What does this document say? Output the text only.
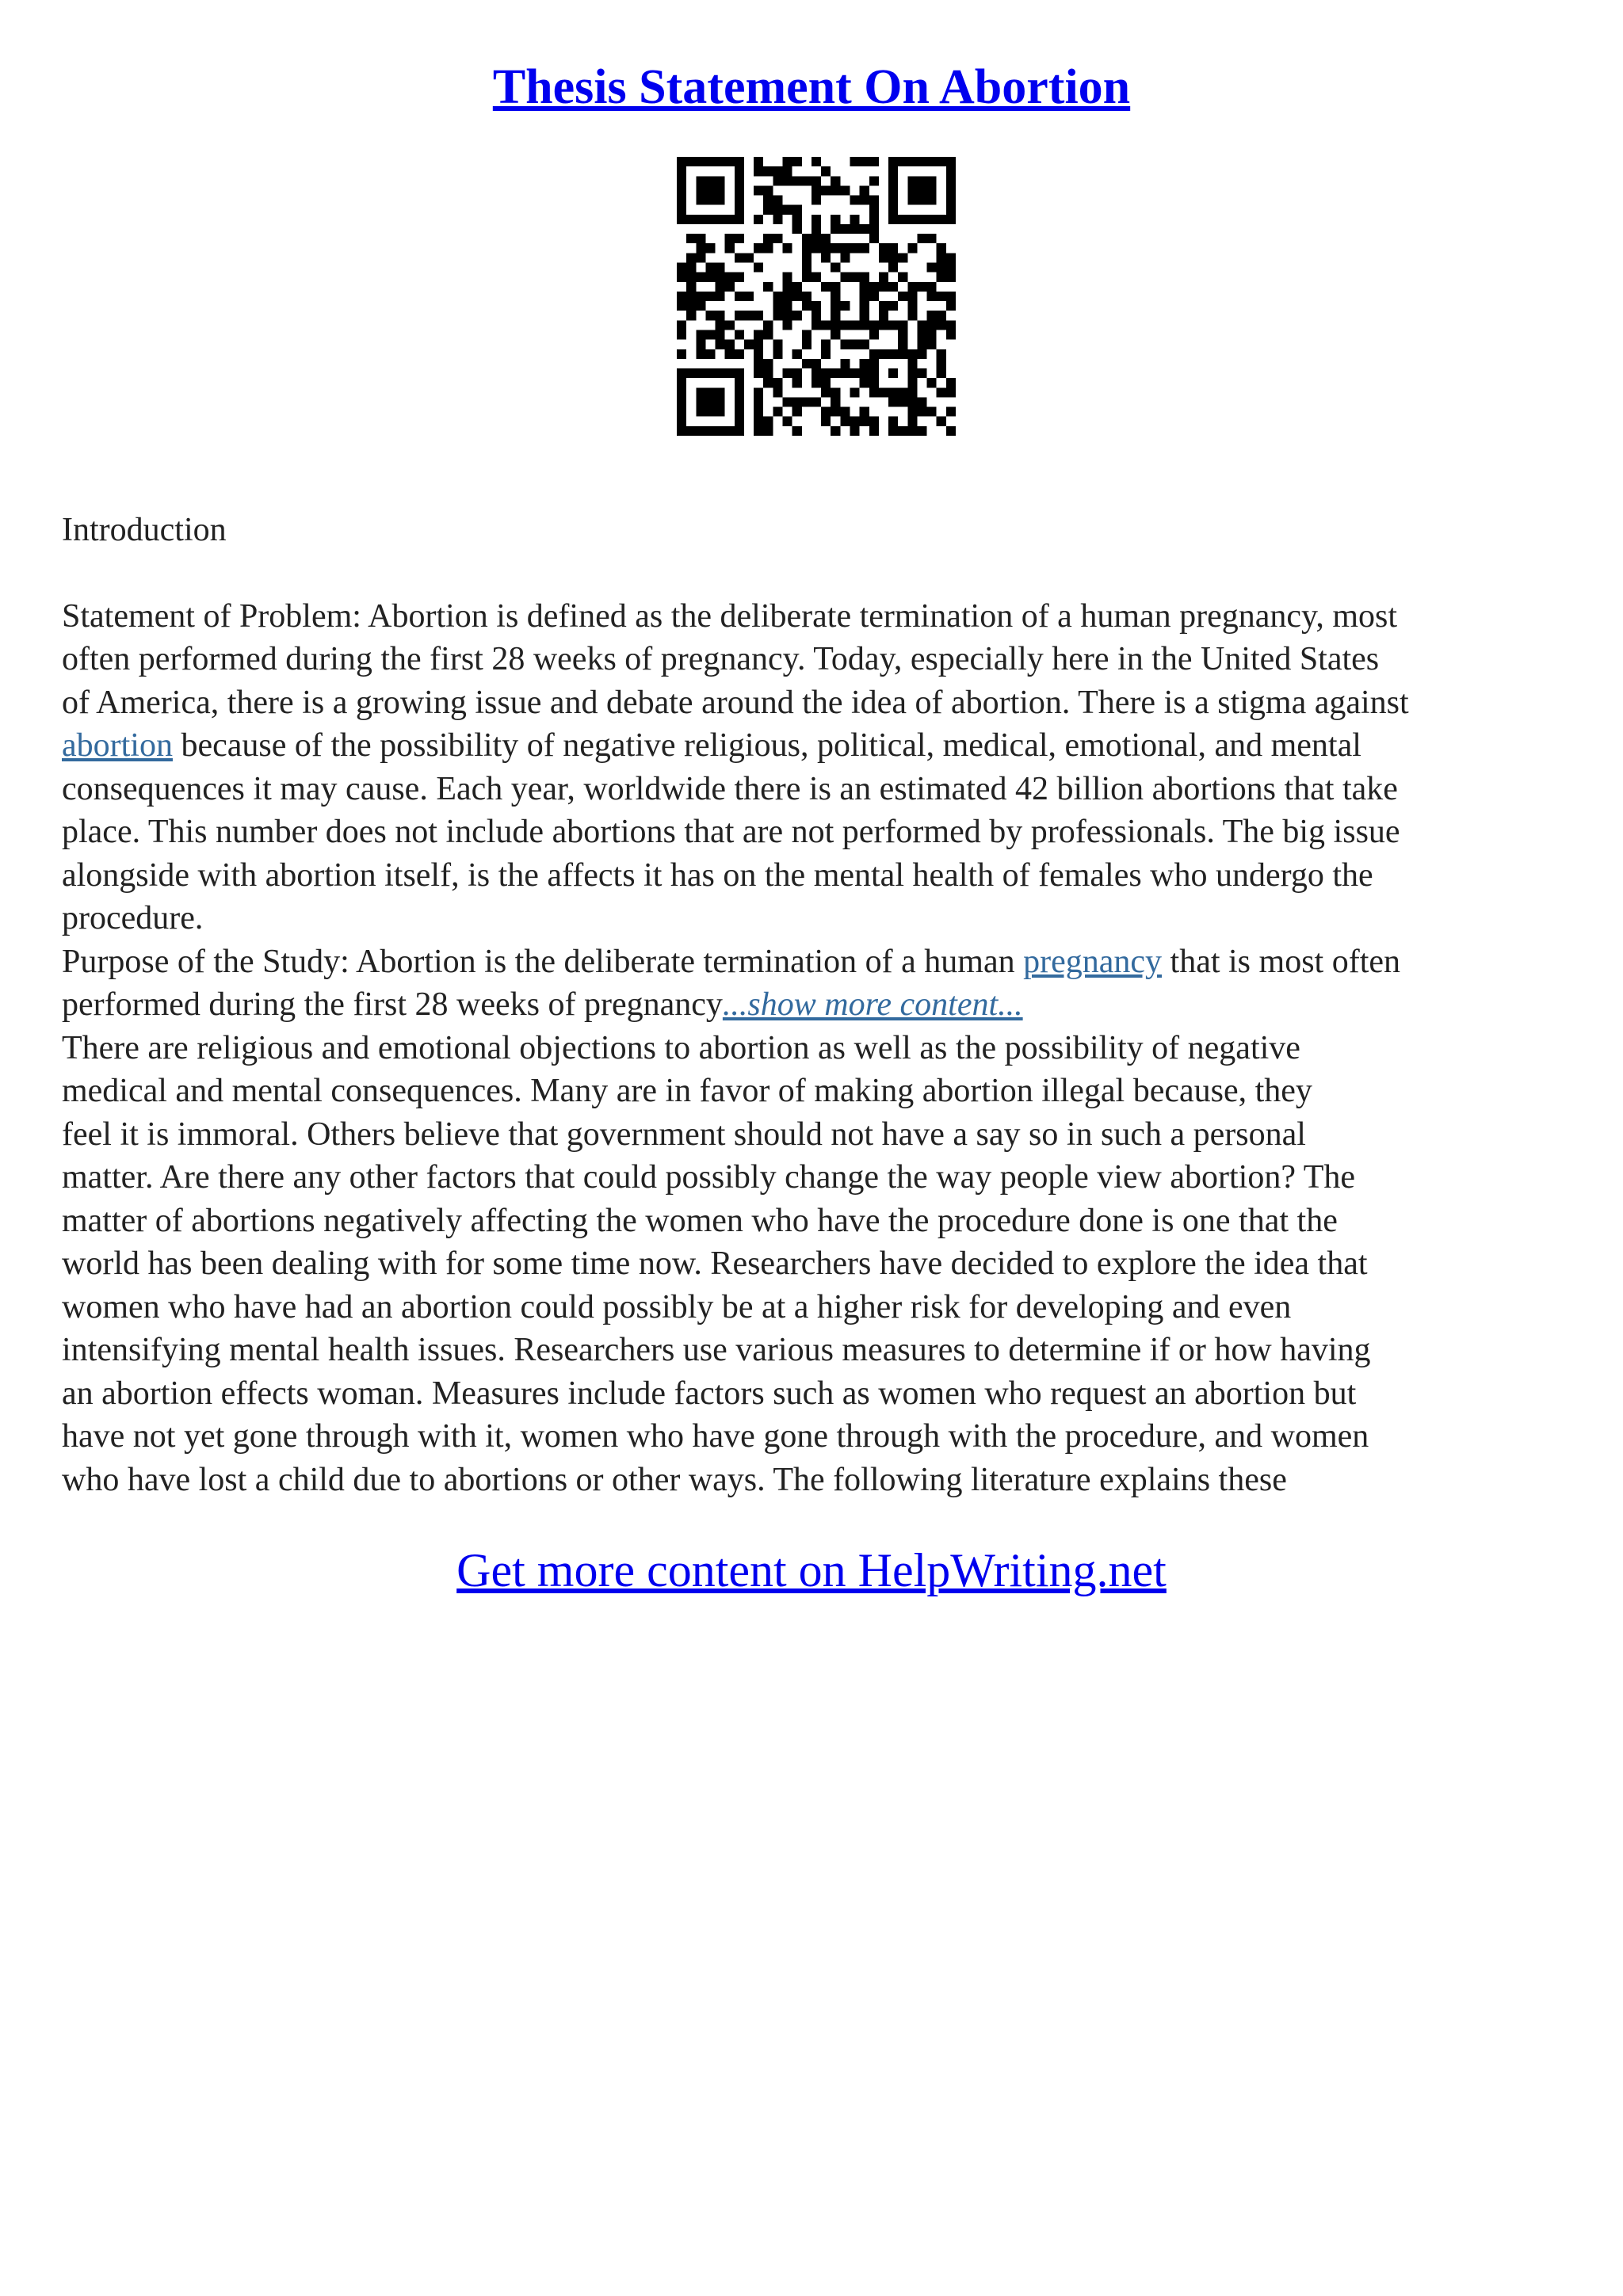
Thesis Statement On Abortion

Introduction

Statement of Problem: Abortion is defined as the deliberate termination of a human pregnancy, most
often performed during the first 28 weeks of pregnancy. Today, especially here in the United States
of America, there is a growing issue and debate around the idea of abortion. There is a stigma against
abortion because of the possibility of negative religious, political, medical, emotional, and mental
consequences it may cause. Each year, worldwide there is an estimated 42 billion abortions that take
place. This number does not include abortions that are not performed by professionals. The big issue
alongside with abortion itself, is the affects it has on the mental health of females who undergo the
procedure.

Purpose of the Study: Abortion is the deliberate termination of a human pregnancy that is most often
performed during the first 28 weeks of pregnancy...show more content...

There are religious and emotional objections to abortion as well as the possibility of negative
medical and mental consequences. Many are in favor of making abortion illegal because, they
feel it is immoral. Others believe that government should not have a say so in such a personal
matter. Are there any other factors that could possibly change the way people view abortion? The
matter of abortions negatively affecting the women who have the procedure done is one that the
world has been dealing with for some time now. Researchers have decided to explore the idea that
women who have had an abortion could possibly be at a higher risk for developing and even
intensifying mental health issues. Researchers use various measures to determine if or how having
an abortion effects woman. Measures include factors such as women who request an abortion but
have not yet gone through with it, women who have gone through with the procedure, and women
who have lost a child due to abortions or other ways. The following literature explains these

Get more content on HelpWriting.net
